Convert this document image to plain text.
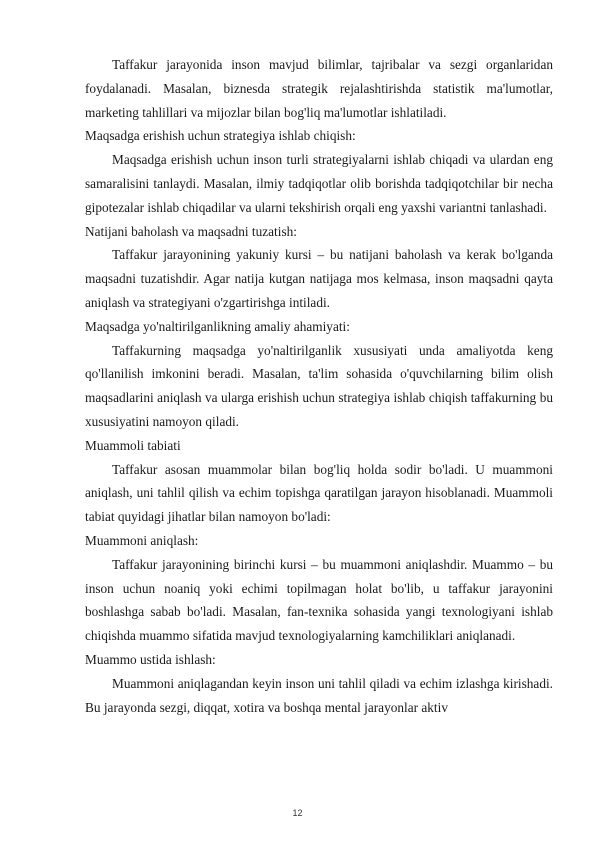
Taffakur jarayonida inson mavjud bilimlar, tajribalar va sezgi organlaridan foydalanadi. Masalan, biznesda strategik rejalashtirishda statistik ma'lumotlar, marketing tahlillari va mijozlar bilan bog'liq ma'lumotlar ishlatiladi.

Maqsadga erishish uchun strategiya ishlab chiqish:

Maqsadga erishish uchun inson turli strategiyalarni ishlab chiqadi va ulardan eng samaralisini tanlaydi. Masalan, ilmiy tadqiqotlar olib borishda tadqiqotchilar bir necha gipotezalar ishlab chiqadilar va ularni tekshirish orqali eng yaxshi variantni tanlashadi.

Natijani baholash va maqsadni tuzatish:

Taffakur jarayonining yakuniy kursi – bu natijani baholash va kerak bo'lganda maqsadni tuzatishdir. Agar natija kutgan natijaga mos kelmasa, inson maqsadni qayta aniqlash va strategiyani o'zgartirishga intiladi.

Maqsadga yo'naltirilganlikning amaliy ahamiyati:

Taffakurning maqsadga yo'naltirilganlik xususiyati unda amaliyotda keng qo'llanilish imkonini beradi. Masalan, ta'lim sohasida o'quvchilarning bilim olish maqsadlarini aniqlash va ularga erishish uchun strategiya ishlab chiqish taffakurning bu xususiyatini namoyon qiladi.

Muammoli tabiati

Taffakur asosan muammolar bilan bog'liq holda sodir bo'ladi. U muammoni aniqlash, uni tahlil qilish va echim topishga qaratilgan jarayon hisoblanadi. Muammoli tabiat quyidagi jihatlar bilan namoyon bo'ladi:

Muammoni aniqlash:

Taffakur jarayonining birinchi kursi – bu muammoni aniqlashdir. Muammo – bu inson uchun noaniq yoki echimi topilmagan holat bo'lib, u taffakur jarayonini boshlashga sabab bo'ladi. Masalan, fan-texnika sohasida yangi texnologiyani ishlab chiqishda muammo sifatida mavjud texnologiyalarning kamchiliklari aniqlanadi.

Muammo ustida ishlash:

Muammoni aniqlagandan keyin inson uni tahlil qiladi va echim izlashga kirishadi. Bu jarayonda sezgi, diqqat, xotira va boshqa mental jarayonlar aktiv

12
